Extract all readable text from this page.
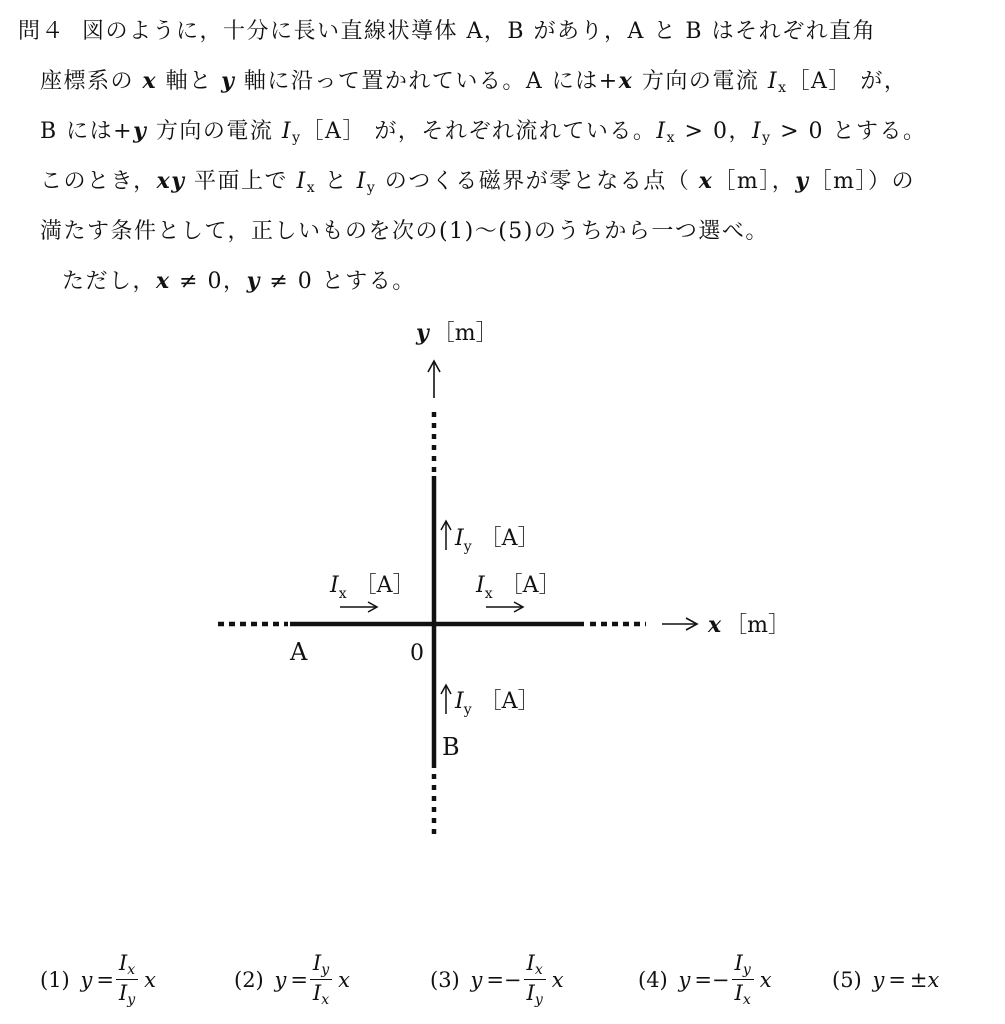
問４ 図のように，十分に長い直線状導体 A，B があり，A と B はそれぞれ直角
座標系の x 軸と y 軸に沿って置かれている。A には+x 方向の電流 $I_x[A]$ が，
B には+y 方向の電流 $I_y[A]$ が，それぞれ流れている。$I_x > 0$，$I_y > 0$ とする。
このとき，xy 平面上で $I_x$ と $I_y$ のつくる磁界が零となる点（ x［m］，y［m］）の
満たす条件として，正しいものを次の(1)～(5)のうちから一つ選べ。
ただし，x ≠ 0，y ≠ 0 とする。
y ［m］
x ［m］
A	0
B
$I_y$ ［A］
$I_y$ ［A］
$I_x$ ［A］	$I_x$ ［A］
(1)
$y = \frac{I_x}{I_y}$ x	(2)
$y = \frac{I_y}{I_x}$ x	(3)
y = − $\frac{I_x}{I_y}$ x	(4)
y = − $\frac{I_y}{I_x}$ x	(5)
y = ±x
